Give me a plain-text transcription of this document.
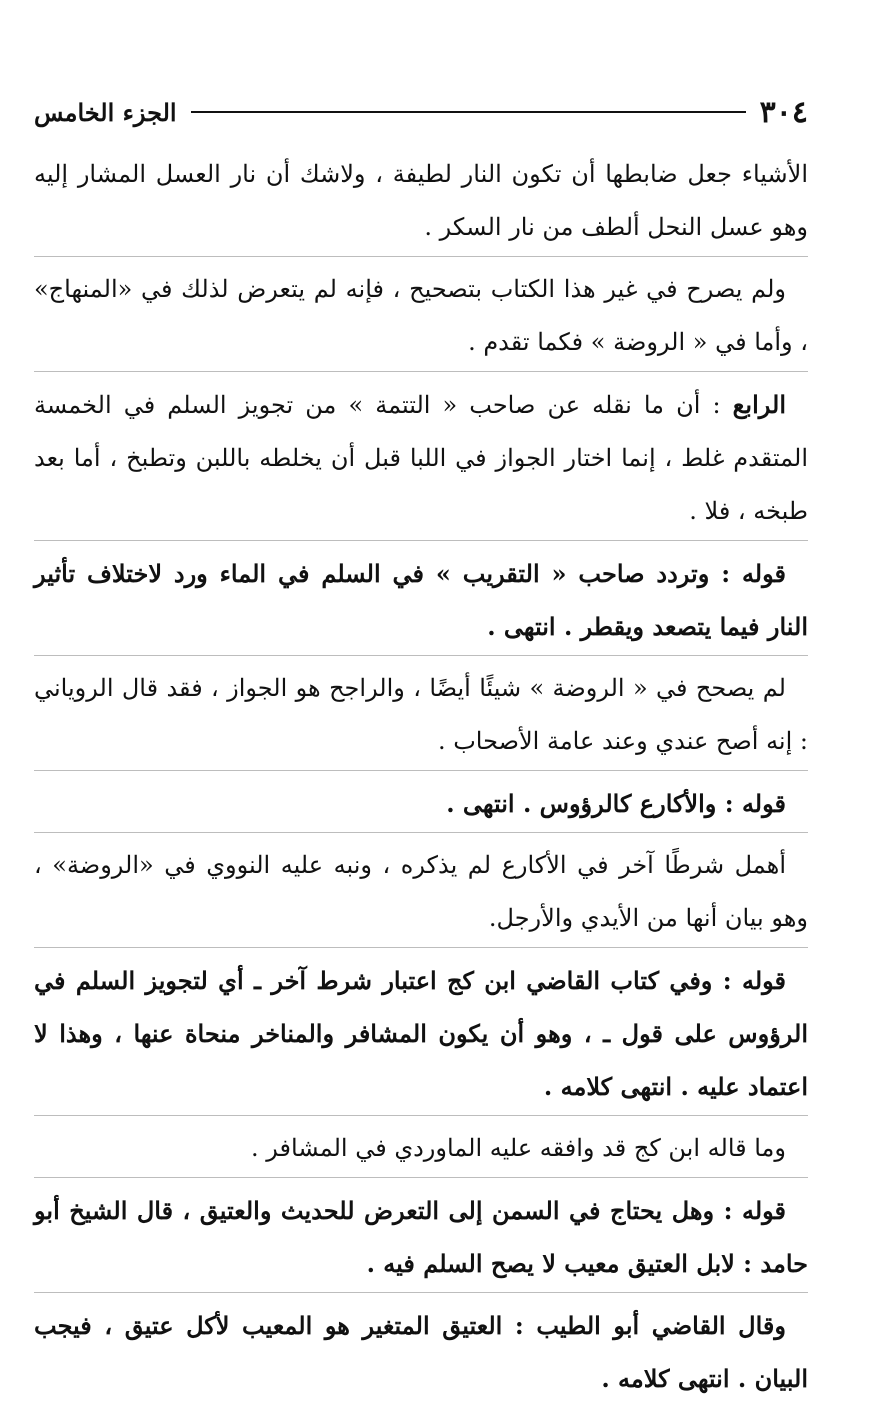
٣٠٤
الجزء الخامس

الأشياء جعل ضابطها أن تكون النار لطيفة ، ولاشك أن نار العسل المشار إليه وهو عسل النحل ألطف من نار السكر .

ولم يصرح في غير هذا الكتاب بتصحيح ، فإنه لم يتعرض لذلك في «المنهاج» ، وأما في « الروضة » فكما تقدم .

الرابع : أن ما نقله عن صاحب « التتمة » من تجويز السلم في الخمسة المتقدم غلط ، إنما اختار الجواز في اللبا قبل أن يخلطه باللبن وتطبخ ، أما بعد طبخه ، فلا .

قوله : وتردد صاحب « التقريب » في السلم في الماء ورد لاختلاف تأثير النار فيما يتصعد ويقطر . انتهى .

لم يصحح في « الروضة » شيئًا أيضًا ، والراجح هو الجواز ، فقد قال الروياني : إنه أصح عندي وعند عامة الأصحاب .

قوله : والأكارع كالرؤوس . انتهى .

أهمل شرطًا آخر في الأكارع لم يذكره ، ونبه عليه النووي في «الروضة» ، وهو بيان أنها من الأيدي والأرجل.

قوله : وفي كتاب القاضي ابن كج اعتبار شرط آخر ـ أي لتجويز السلم في الرؤوس على قول ـ ، وهو أن يكون المشافر والمناخر منحاة عنها ، وهذا لا اعتماد عليه . انتهى كلامه .

وما قاله ابن كج قد وافقه عليه الماوردي في المشافر .

قوله : وهل يحتاج في السمن إلى التعرض للحديث والعتيق ، قال الشيخ أبو حامد : لابل العتيق معيب لا يصح السلم فيه .

وقال القاضي أبو الطيب : العتيق المتغير هو المعيب لأكل عتيق ، فيجب البيان . انتهى كلامه .
